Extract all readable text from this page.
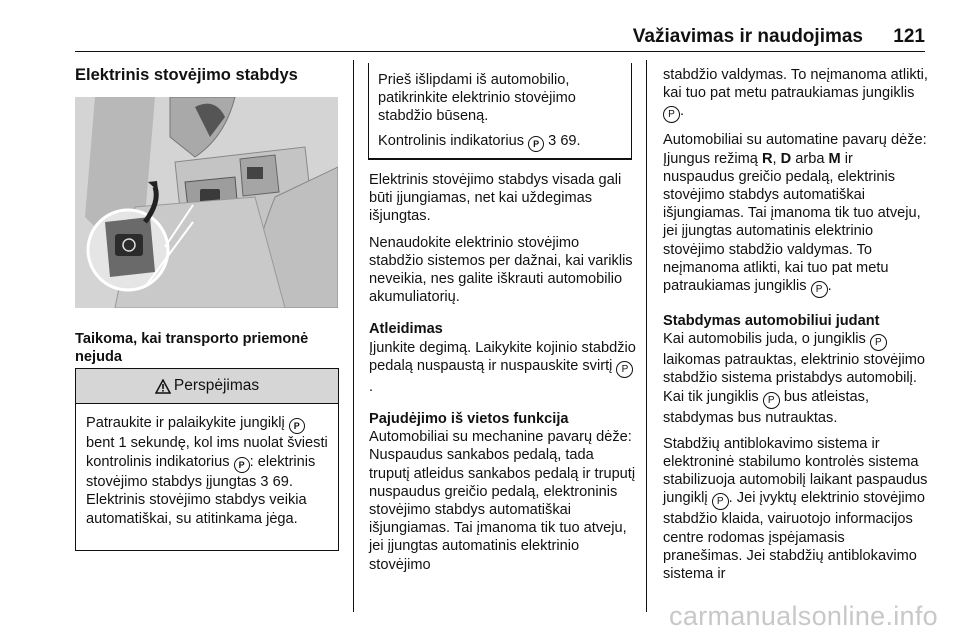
Važiavimas ir naudojimas 121
Elektrinis stovėjimo stabdys
Taikoma, kai transporto priemonė nejuda
Perspėjimas
Patraukite ir palaikykite jungiklį P bent 1 sekundę, kol ims nuolat šviesti kontrolinis indikatorius P : elektrinis stovėjimo stabdys įjungtas 3 69. Elektrinis stovėjimo stabdys veikia automatiškai, su atitinkama jėga.

Prieš išlipdami iš automobilio, patikrinkite elektrinio stovėjimo stabdžio būseną.

Kontrolinis indikatorius P 3 69.

Elektrinis stovėjimo stabdys visada gali būti įjungiamas, net kai uždegimas išjungtas.

Nenaudokite elektrinio stovėjimo stabdžio sistemos per dažnai, kai variklis neveikia, nes galite iškrauti automobilio akumuliatorių.

Atleidimas

Įjunkite degimą. Laikykite kojinio stabdžio pedalą nuspaustą ir nuspauskite svirtį P.

Pajudėjimo iš vietos funkcija

Automobiliai su mechanine pavarų dėže: Nuspaudus sankabos pedalą, tada truputį atleidus sankabos pedalą ir truputį nuspaudus greičio pedalą, elektroninis stovėjimo stabdys automatiškai išjungiamas. Tai įmanoma tik tuo atveju, jei įjungtas automatinis elektrinio stovėjimo

stabdžio valdymas. To neįmanoma atlikti, kai tuo pat metu patraukiamas jungiklis P .

Automobiliai su automatine pavarų dėže: Įjungus režimą R, D arba M ir nuspaudus greičio pedalą, elektrinis stovėjimo stabdys automatiškai išjungiamas. Tai įmanoma tik tuo atveju, jei įjungtas automatinis elektrinio stovėjimo stabdžio valdymas. To neįmanoma atlikti, kai tuo pat metu patraukiamas jungiklis P .

Stabdymas automobiliui judant

Kai automobilis juda, o jungiklis P laikomas patrauktas, elektrinio stovėjimo stabdžio sistema pristabdys automobilį. Kai tik jungiklis P bus atleistas, stabdymas bus nutrauktas.

Stabdžių antiblokavimo sistema ir elektroninė stabilumo kontrolės sistema stabilizuoja automobilį laikant paspaudus jungiklį P . Jei įvyktų elektrinio stovėjimo stabdžio klaida, vairuotojo informacijos centre rodomas įspėjamasis pranešimas. Jei stabdžių antiblokavimo sistema ir

carmanualsonline.info
